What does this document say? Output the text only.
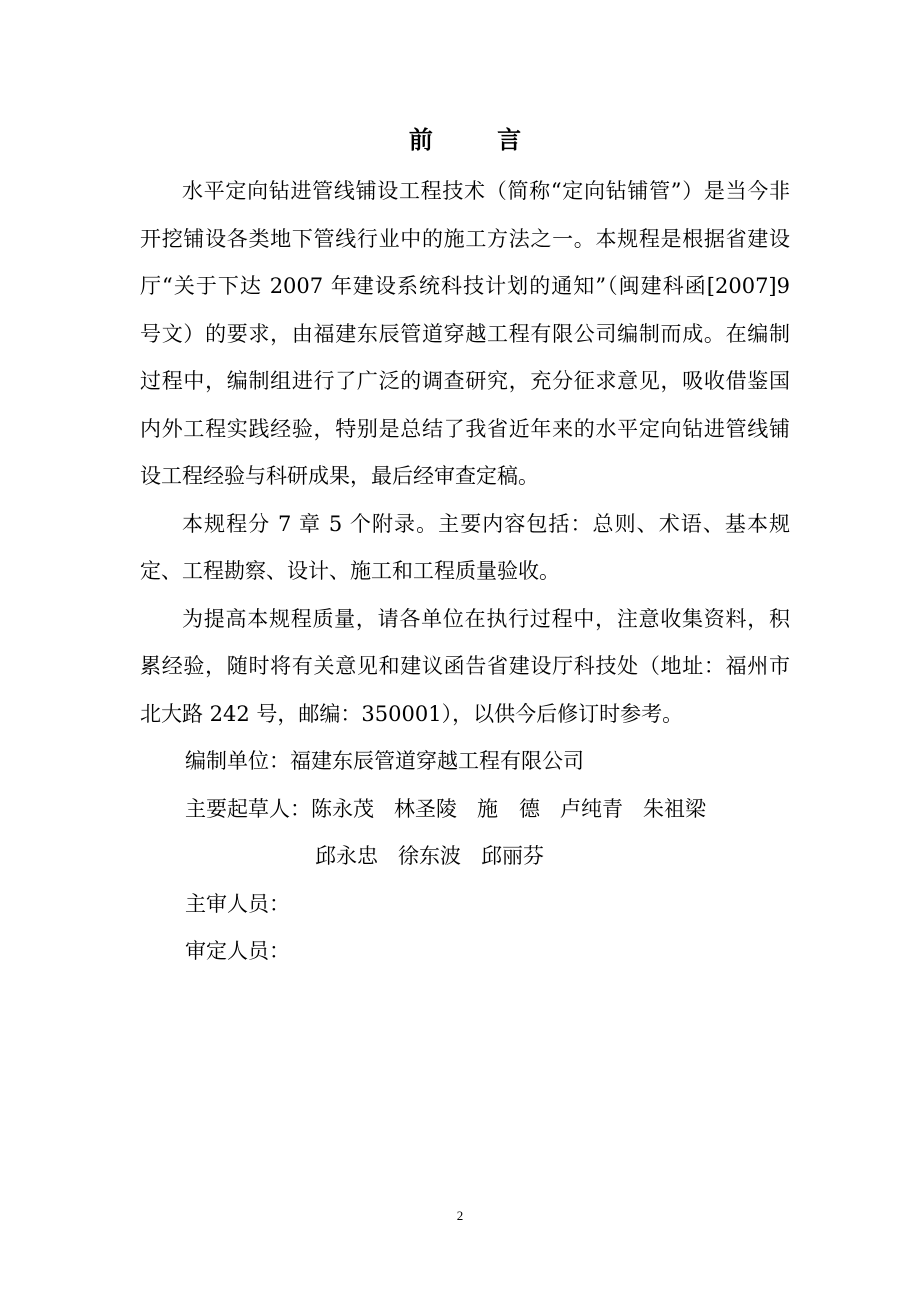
前 言

水平定向钻进管线铺设工程技术（简称“定向钻铺管”）是当今非开挖铺设各类地下管线行业中的施工方法之一。本规程是根据省建设厅“关于下达 2007 年建设系统科技计划的通知”（闽建科函[2007]9 号文）的要求，由福建东辰管道穿越工程有限公司编制而成。在编制过程中，编制组进行了广泛的调查研究，充分征求意见，吸收借鉴国内外工程实践经验，特别是总结了我省近年来的水平定向钻进管线铺设工程经验与科研成果，最后经审查定稿。

本规程分 7 章 5 个附录。主要内容包括：总则、术语、基本规定、工程勘察、设计、施工和工程质量验收。

为提高本规程质量，请各单位在执行过程中，注意收集资料，积累经验，随时将有关意见和建议函告省建设厅科技处（地址：福州市北大路 242 号，邮编：350001），以供今后修订时参考。

编制单位：福建东辰管道穿越工程有限公司
主要起草人：陈永茂 林圣陵 施　德 卢纯青 朱祖梁
邱永忠 徐东波 邱丽芬
主审人员：
审定人员：
2
